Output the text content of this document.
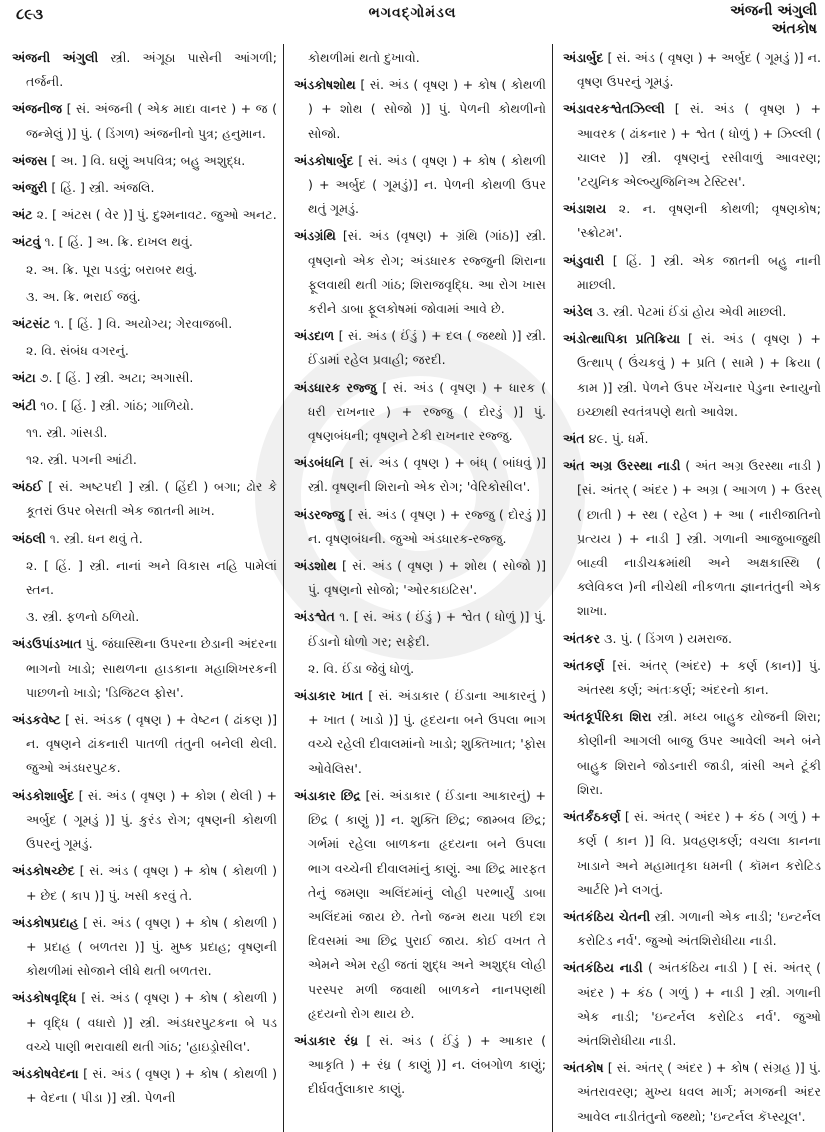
૮૯૩	ભગવદ્ગોમંડલ	અંજની અંગુલી
અંતકોષ

અંજની અંગુલી સ્ત્રી. અંગૂઠા પાસેની આંગળી; તર્જની.

અંજનીજ [ સં. અંજની ( એક માદા વાનર ) + જ ( જન્મેલું )] પું. ( ડિંગળ) અંજનીનો પુત્ર; હનુમાન.

અંજસ [ અ. ] વિ. ઘણું અપવિત્ર; બહુ અશુદ્ધ.

અંજુરી [ હિં. ] સ્ત્રી. અંજલિ.

અંટ ૨. [ અંટસ ( વેર )] પું. દુશ્મનાવટ. જુઓ અનટ.

અંટવું ૧. [ હિં. ] અ. ક્રિ. દાખલ થવું.

૨. અ. ક્રિ. પૂરા પડવું; બરાબર થવું.

૩. અ. ક્રિ. ભરાઈ જવું.

અંટસંટ ૧. [ હિં. ] વિ. અયોગ્ય; ગેરવાજબી.

૨. વિ. સંબંધ વગરનું.

અંટા ૭. [ હિં. ] સ્ત્રી. અટા; અગાસી.

અંટી ૧૦. [ હિં. ] સ્ત્રી. ગાંઠ; ગાળિયો.

૧૧. સ્ત્રી. ગાંસડી.

૧૨. સ્ત્રી. પગની આંટી.

અંઠઈ [ સં. અષ્ટપદી ] સ્ત્રી. ( હિંદી ) બગા; ઢોર કે કૂતરાં ઉપર બેસતી એક જાતની માખ.

અંઠલી ૧. સ્ત્રી. ધન થવું તે.

૨. [ હિં. ] સ્ત્રી. નાનાં અને વિકાસ નહિ પામેલાં સ્તન.

૩. સ્ત્રી. ફળનો ઠળિયો.

અંડઉપાંડખાત પું. જંઘાસ્થિના ઉપરના છેડાની અંદરના ભાગનો ખાડો; સાથળના હાડકાના મહાશિખરકની પાછળનો ખાડો; 'ડિજિટલ ફોસ'.

અંડકવેષ્ટ [ સં. અંડક ( વૃષણ ) + વેષ્ટન ( ઢાંકણ )] ન. વૃષણને ઢાંકનારી પાતળી તંતુની બનેલી થેલી. જુઓ અંડધરપુટક.

અંડકોશાર્બુદ [ સં. અંડ ( વૃષણ ) + કોશ ( થેલી ) + અર્બુદ ( ગૂમડું )] પું. કુરંડ રોગ; વૃષણની કોથળી ઉપરનું ગૂમડું.

અંડકોષચ્છેદ [ સં. અંડ ( વૃષણ ) + કોષ ( કોથળી ) + છેદ ( કાપ )] પું. ખસી કરવું તે.

અંડકોષપ્રદાહ [ સં. અંડ ( વૃષણ ) + કોષ ( કોથળી ) + પ્રદાહ ( બળતરા )] પું. મુષ્ક પ્રદાહ; વૃષણની કોથળીમાં સોજાને લીધે થતી બળતરા.

અંડકોષવૃદ્ધિ [ સં. અંડ ( વૃષણ ) + કોષ ( કોથળી ) + વૃદ્ધિ ( વધારો )] સ્ત્રી. અંડધરપુટકના બે પડ વચ્ચે પાણી ભરાવાથી થતી ગાંઠ; 'હાઇડ્રોસીલ'.

અંડકોષવેદના [ સં. અંડ ( વૃષણ ) + કોષ ( કોથળી ) + વેદના ( પીડા )] સ્ત્રી. પેળની

કોથળીમાં થતો દુખાવો.

અંડકોષશોથ [ સં. અંડ ( વૃષણ ) + કોષ ( કોથળી ) + શોથ ( સોજો )] પું. પેળની કોથળીનો સોજો.

અંડકોષાર્બુદ [ સં. અંડ ( વૃષણ ) + કોષ ( કોથળી ) + અર્બુદ ( ગૂમડું)] ન. પેળની કોથળી ઉપર થતું ગૂમડું.

અંડગ્રંથિ [સં. અંડ (વૃષણ) + ગ્રંથિ (ગાંઠ)] સ્ત્રી. વૃષણનો એક રોગ; અંડધારક રજ્જુની શિરાના ફૂલવાથી થતી ગાંઠ; શિરાજવૃદ્ધિ. આ રોગ ખાસ કરીને ડાબા ફૂલકોષમાં જોવામાં આવે છે.

અંડદાળ [ સં. અંડ ( ઈંડું ) + દલ ( જથ્થો )] સ્ત્રી. ઈંડામાં રહેલ પ્રવાહી; જરદી.

અંડધારક રજ્જુ [ સં. અંડ ( વૃષણ ) + ધારક ( ધરી રાખનાર ) + રજ્જુ ( દોરડું )] પું. વૃષણબંધની; વૃષણને ટેકી રાખનાર રજ્જુ.

અંડબંધનિ [ સં. અંડ ( વૃષણ ) + બંધ્ ( બાંધવું )] સ્ત્રી. વૃષણની શિરાનો એક રોગ; 'વેરિકોસીલ'.

અંડરજ્જુ [ સં. અંડ ( વૃષણ ) + રજ્જુ ( દોરડું )] ન. વૃષણબંધની. જુઓ અંડધારક-રજ્જુ.

અંડશોથ [ સં. અંડ ( વૃષણ ) + શોથ ( સોજો )] પું. વૃષણનો સોજો; 'ઓરકાઇટિસ'.

અંડશ્વેત ૧. [ સં. અંડ ( ઈંડું ) + શ્વેત ( ધોળું )] પું. ઈંડાનો ધોળો ગર; સફેદી.

૨. વિ. ઈંડા જેવું ધોળું.

અંડાકાર ખાત [ સં. અંડાકાર ( ઈંડાના આકારનું ) + ખાત ( ખાડો )] પું. હૃદયના બને ઉપલા ભાગ વચ્ચે રહેલી દીવાલમાંનો ખાડો; શુક્તિખાત; 'ફોસ ઓવેલિસ'.

અંડાકાર છિદ્ર [સં. અંડાકાર ( ઈંડાના આકારનું) + છિદ્ર ( કાણું )] ન. શુક્તિ છિદ્ર; જામ્બવ છિદ્ર; ગર્ભમાં રહેલા બાળકના હૃદયના બને ઉપલા ભાગ વચ્ચેની દીવાલમાંનું કાણું. આ છિદ્ર મારફત તેનું જમણા અલિંદમાંનું લોહી પરભાર્યું ડાબા અલિંદમાં જાય છે. તેનો જન્મ થયા પછી દશ દિવસમાં આ છિદ્ર પુરાઈ જાય. કોઈ વખત તે એમને એમ રહી જતાં શુદ્ધ અને અશુદ્ધ લોહી પરસ્પર મળી જવાથી બાળકને નાનપણથી હૃદયનો રોગ થાય છે.

અંડાકાર રંધ્ર [ સં. અંડ ( ઈંડું ) + આકાર ( આકૃતિ ) + રંધ્ર ( કાણું )] ન. લંબગોળ કાણું; દીર્ઘવર્તુલાકાર કાણું.

અંડાર્બુદ [ સં. અંડ ( વૃષણ ) + અર્બુદ ( ગૂમડું )] ન. વૃષણ ઉપરનું ગૂમડું.

અંડાવરકશ્વેતઝિલ્લી [ સં. અંડ ( વૃષણ ) + આવરક ( ઢાંકનાર ) + શ્વેત ( ધોળું ) + ઝિલ્લી ( ચાલર )] સ્ત્રી. વૃષણનું રસીવાળું આવરણ; 'ટયુનિક એલ્બ્યુજિનિઅ ટેસ્ટિસ'.

અંડાશય ૨. ન. વૃષણની કોથળી; વૃષણકોષ; 'સ્ક્રોટમ'.

અંડુવારી [ હિં. ] સ્ત્રી. એક જાતની બહુ નાની માછલી.

અંડેલ ૩. સ્ત્રી. પેટમાં ઈંડાં હોય એવી માછલી.

અંડોત્થાપિકા પ્રતિક્રિયા [ સં. અંડ ( વૃષણ ) + ઉત્થાપ્ ( ઉંચકવું ) + પ્રતિ ( સામે ) + ક્રિયા ( કામ )] સ્ત્રી. પેળને ઉપર ખેંચનાર પેડુના સ્નાયુનો ઇચ્છાથી સ્વતંત્રપણે થતો આવેશ.

અંત ૪૯. પું. ધર્મ.

અંત અગ્ર ઉરસ્થા નાડી ( અંત અગ્ર ઉરસ્થા નાડી ) [સં. અંતર્ ( અંદર ) + અગ્ર ( આગળ ) + ઉરસ્ ( છાતી ) + સ્થ ( રહેલ ) + આ ( નારીજાતિનો પ્રત્યય ) + નાડી ] સ્ત્રી. ગળાની આજુબાજુથી બાહ્વી નાડીચક્રમાંથી અને અક્ષકાસ્થિ ( ક્લેવિકલ )ની નીચેથી નીકળતા જ્ઞાનતંતુની એક શાખા.

અંતકર ૩. પું. ( ડિંગળ ) યમરાજ.

અંતકર્ણ [સં. અંતર્ (અંદર) + કર્ણ (કાન)] પું. અંતસ્થ કર્ણ; અંતઃકર્ણ; અંદરનો કાન.

અંતકૂર્પરિકા શિરા સ્ત્રી. મધ્ય બાહુક યોજની શિરા; કોણીની આગલી બાજુ ઉપર આવેલી અને બંને બાહુક શિરાને જોડનારી જાડી, ત્રાંસી અને ટૂંકી શિરા.

અંતર્કંઠકર્ણ [ સં. અંતર્ ( અંદર ) + કંઠ ( ગળું ) + કર્ણ ( કાન )] વિ. પ્રવહણકર્ણ; વચલા કાનના ખાડાને અને મહામાતૃકા ધમની ( કૉમન કરોટિડ આર્ટરિ )ને લગતું.

અંતકંઠિય ચેતની સ્ત્રી. ગળાની એક નાડી; 'ઇન્ટર્નલ કરોટિડ નર્વ'. જુઓ અંતશિરોધીયા નાડી.

અંતકંઠિય નાડી ( અંતકંઠિય નાડી ) [ સં. અંતર્ ( અંદર ) + કંઠ ( ગળું ) + નાડી ] સ્ત્રી. ગળાની એક નાડી; 'ઇન્ટર્નલ કરોટિડ નર્વ'. જુઓ અંતશિરોધીયા નાડી.

અંતકોષ [ સં. અંતર્ ( અંદર ) + કોષ ( સંગ્રહ )] પું. અંતરાવરણ; મુખ્ય ધવલ માર્ગ; મગજની અંદર આવેલ નાડીતંતુનો જથ્થો; 'ઇન્ટર્નલ કૅપ્સ્યૂલ'.
